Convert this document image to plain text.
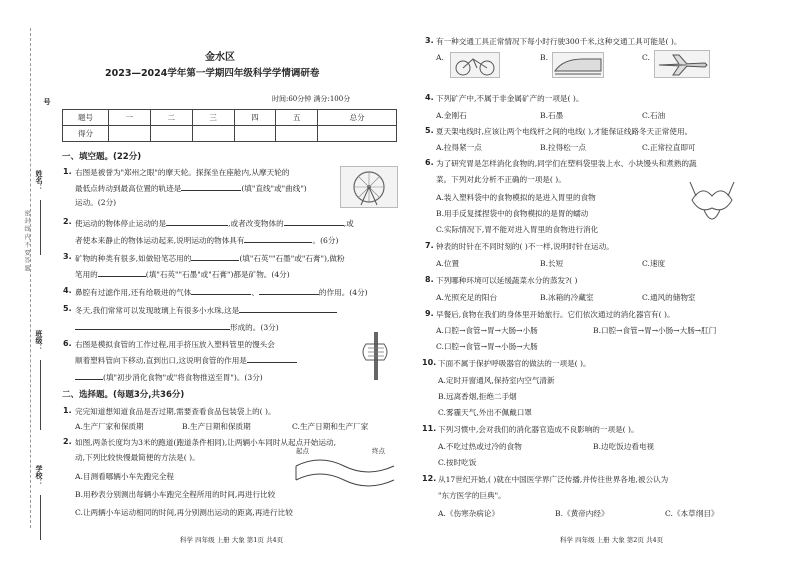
号
姓名：
密 封 线 内 不 要 答 题
班级：
学校：
金水区
2023—2024学年第一学期四年级科学学情调研卷
时间:60分钟 满分:100分
题号	一	二	三	四	五	总分
得分						
一、填空题。(22分)
1. 右图是被誉为"郑州之眼"的摩天轮。探探坐在座舱内,从摩天轮的
最低点转动到最高位置的轨迹是	(填"直线"或"曲线")
运动。(2分)
2. 使运动的物体停止运动的是	,或者改变物体的	,或
者使本来静止的物体运动起来,说明运动的物体具有	。(6分)
3. 矿物的种类有很多,如做铅笔芯用的	(填"石英""石墨"或"石膏"),做粉
笔用的	(填"石英""石墨"或"石膏")都是矿物。(4分)
4. 鼻腔有过滤作用,还有给吸进的气体	、	的作用。(4分)
5. 冬天,我们常常可以发现玻璃上有很多小水珠,这是
形成的。(3分)
6. 右图是模拟食管的工作过程,用手挤压放入塑料管里的馒头会
顺着塑料管向下移动,直到出口,这说明食管的作用是
(填"初步消化食物"或"将食物推送至胃")。(3分)
二、选择题。(每题3分,共36分)
1. 完完知道想知道食品是否过期,需要查看食品包装袋上的( )。
A.生产厂家和保质期	B.生产日期和保质期	C.生产日期和生产厂家
2. 如图,两条长度均为3米的跑道(跑道条件相同),让两辆小车同时从起点开始运动,
动,下列比较快慢最简便的方法是( )。
A.目测看哪辆小车先跑完全程
B.用秒表分别测出每辆小车跑完全程所用的时间,再进行比较
C.让两辆小车运动相同的时间,再分别测出运动的距离,再进行比较
起点	终点
科学 四年级 上册 大象 第1页 共4页
3. 有一种交通工具正常情况下每小时行驶300千米,这种交通工具可能是( )。
A.	B.	C.
4. 下列矿产中,不属于非金属矿产的一项是( )。
A.金刚石	B.石墨	C.石油
5. 夏天架电线时,应该让两个电线杆之间的电线( ),才能保证线路冬天正常使用。
A.拉得紧一点	B.拉得松一点	C.正常拉直即可
6. 为了研究胃是怎样消化食物的,同学们在塑料袋里装上水、小块馒头和煮熟的蔬
菜。下列对此分析不正确的一项是( )。
A.装入塑料袋中的食物模拟的是进入胃里的食物
B.用手反复揉捏袋中的食物模拟的是胃的蠕动
C.实际情况下,胃不能对进入胃里的食物进行消化
7. 钟表的时针在不同时刻的( )不一样,说明时针在运动。
A.位置	B.长短	C.速度
8. 下列哪种环境可以延缓蔬菜水分的蒸发?( )
A.光照充足的阳台	B.冰箱的冷藏室	C.通风的储物室
9. 早餐后,食物在我们的身体里开始旅行。它们依次通过的消化器官有( )。
A.口腔→食管→胃→大肠→小肠	B.口腔→食管→胃→小肠→大肠→肛门
C.口腔→食管→胃→小肠→大肠
10. 下面不属于保护呼吸器官的做法的一项是( )。
A.定时开窗通风,保持室内空气清新
B.远离香烟,拒绝二手烟
C.雾霾天气,外出不佩戴口罩
11. 下列习惯中,会对我们的消化器官造成不良影响的一项是( )。
A.不吃过热或过冷的食物	B.边吃饭边看电视
C.按时吃饭
12. 从17世纪开始,( )就在中国医学界广泛传播,并传往世界各地,被公认为
"东方医学的巨典"。
A.《伤寒杂病论》	B.《黄帝内经》	C.《本草纲目》
科学 四年级 上册 大象 第2页 共4页
